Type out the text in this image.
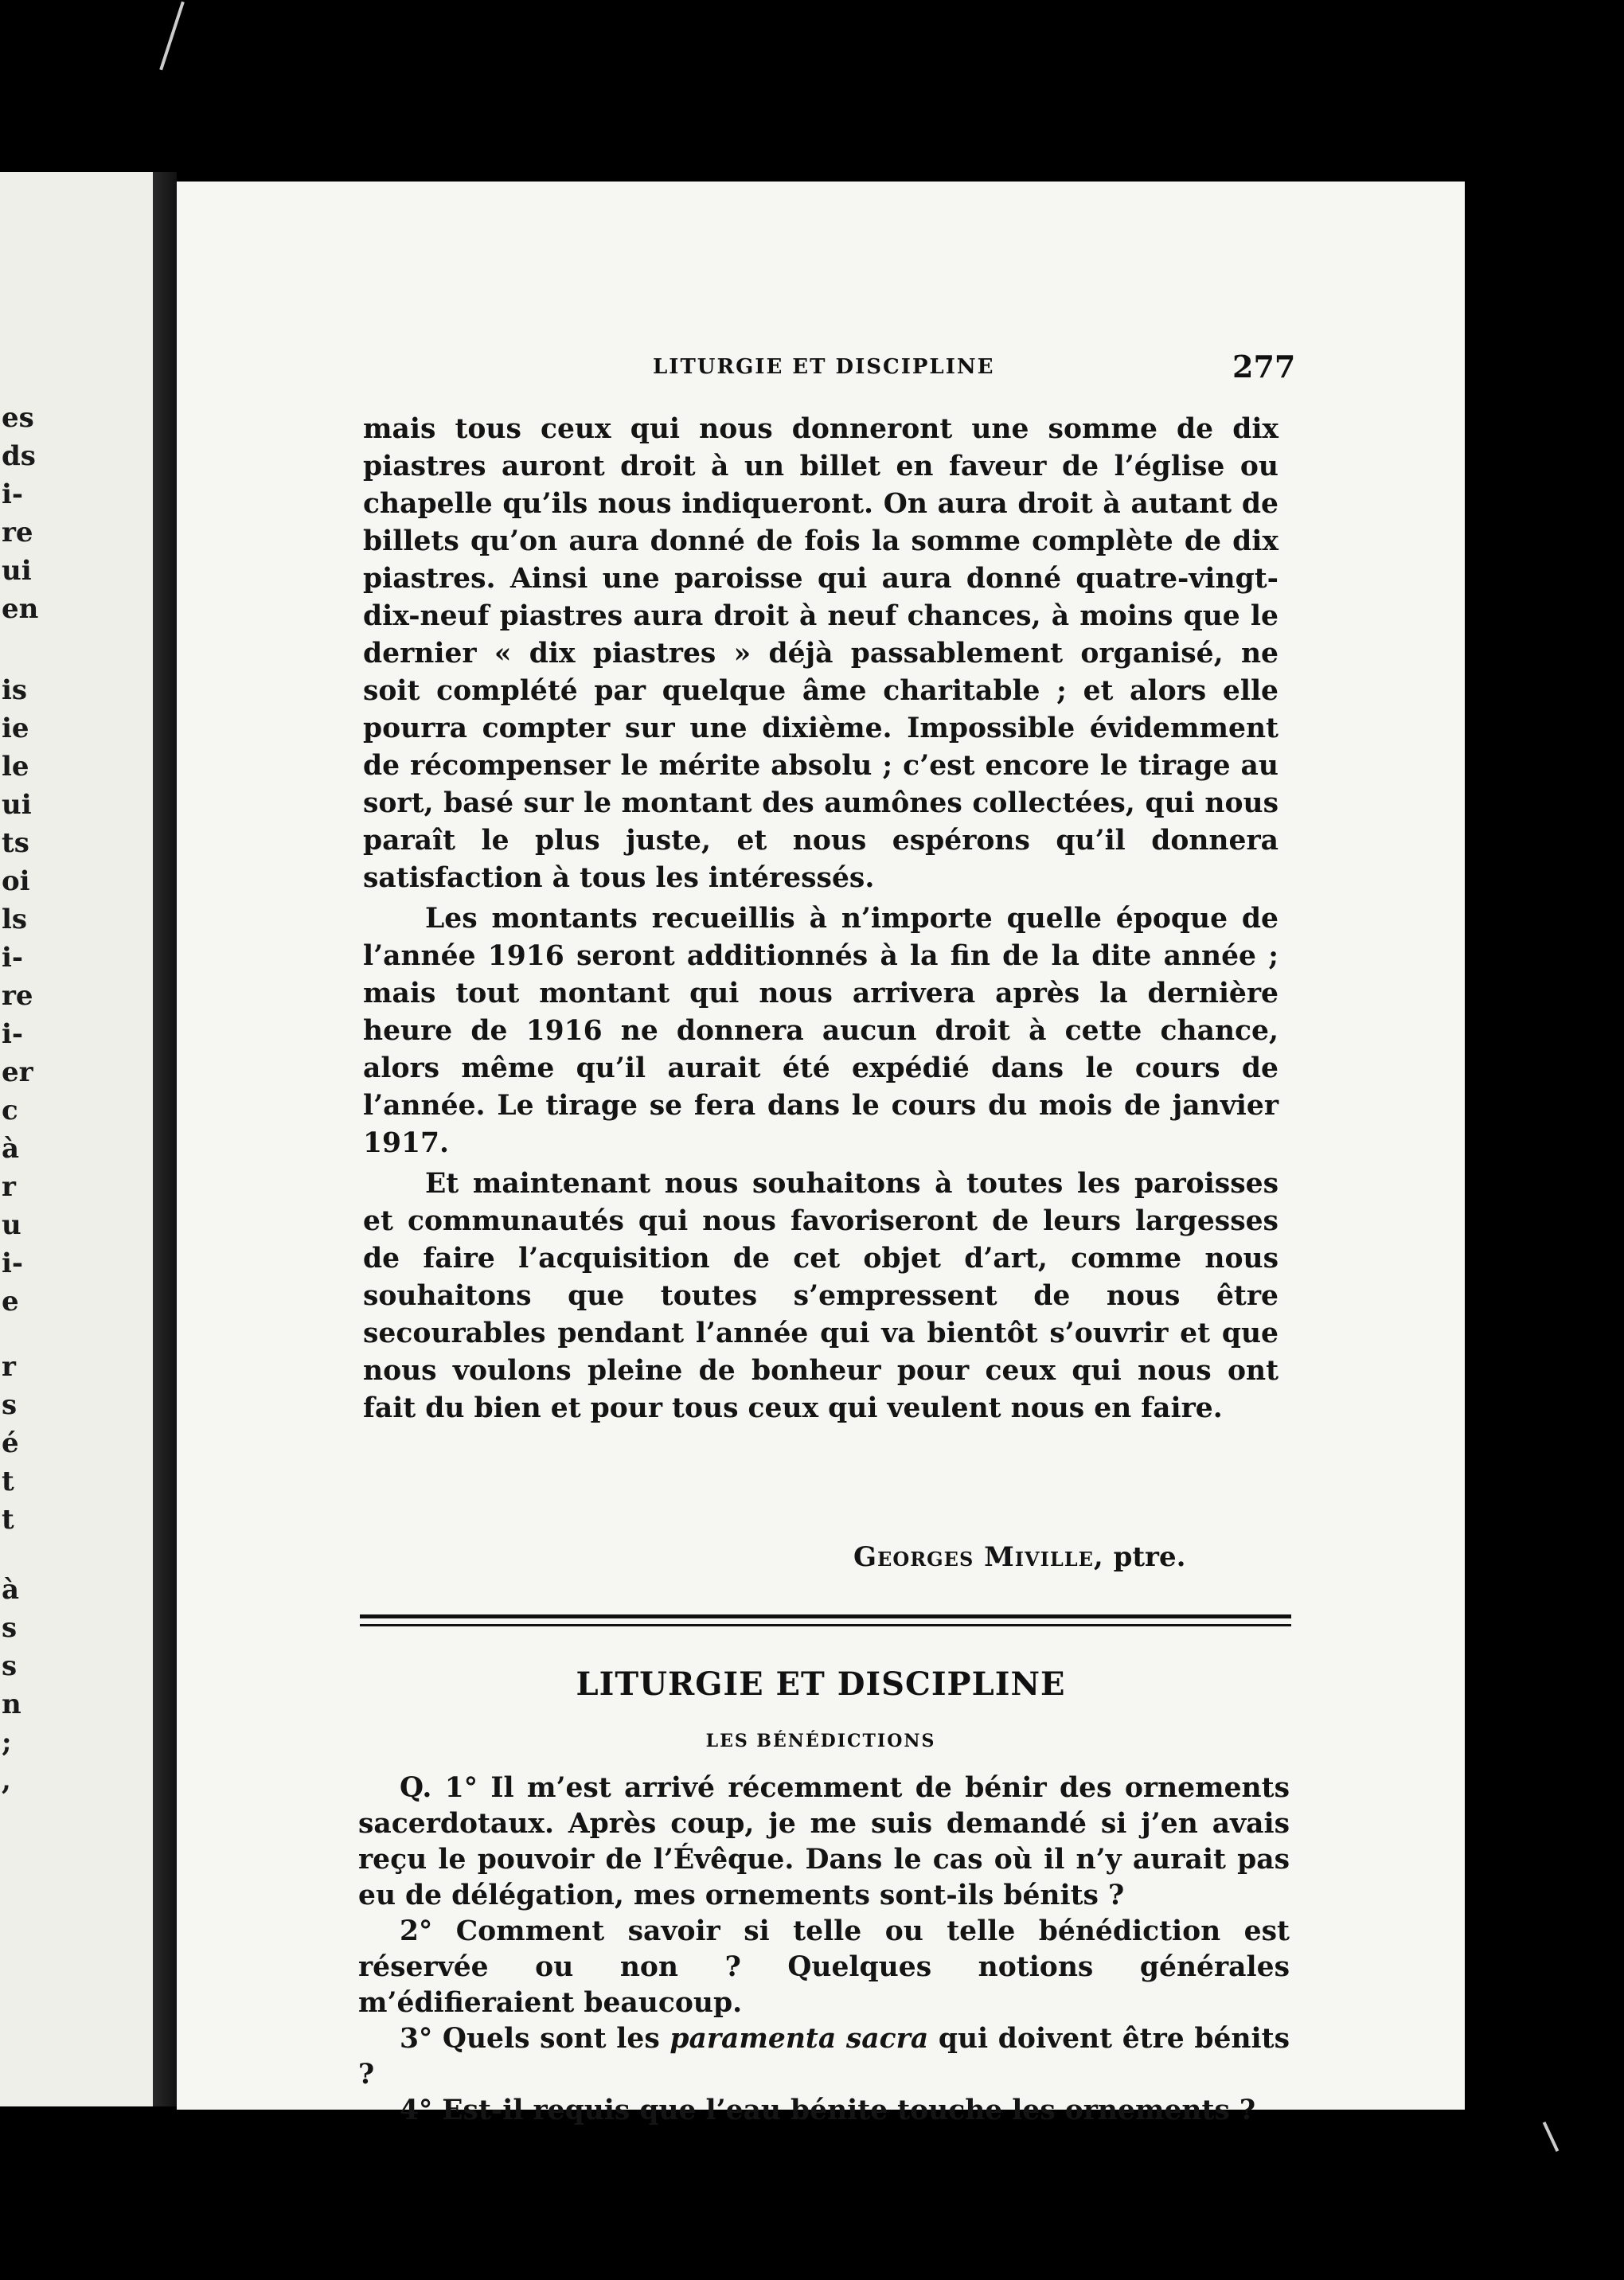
es
ds
i-
re
ui
en
is
ie
le
ui
ts
oi
ls
i-
re
i-
er
c
à
r
u
i-
e
r
s
é
t
t
à
s
s
n
;
,
LITURGIE ET DISCIPLINE	277

mais tous ceux qui nous donneront une somme de dix piastres auront droit à un billet en faveur de l’église ou chapelle qu’ils nous indiqueront. On aura droit à autant de billets qu’on aura donné de fois la somme complète de dix piastres. Ainsi une paroisse qui aura donné quatre-vingt-dix-neuf piastres aura droit à neuf chances, à moins que le dernier « dix piastres » déjà passablement organisé, ne soit complété par quelque âme charitable ; et alors elle pourra compter sur une dixième. Impossible évidemment de récompenser le mérite absolu ; c’est encore le tirage au sort, basé sur le montant des aumônes collectées, qui nous paraît le plus juste, et nous espérons qu’il donnera satisfaction à tous les intéressés.

Les montants recueillis à n’importe quelle époque de l’année 1916 seront additionnés à la fin de la dite année ; mais tout montant qui nous arrivera après la dernière heure de 1916 ne donnera aucun droit à cette chance, alors même qu’il aurait été expédié dans le cours de l’année. Le tirage se fera dans le cours du mois de janvier 1917.

Et maintenant nous souhaitons à toutes les paroisses et communautés qui nous favoriseront de leurs largesses de faire l’acquisition de cet objet d’art, comme nous souhaitons que toutes s’empressent de nous être secourables pendant l’année qui va bientôt s’ouvrir et que nous voulons pleine de bonheur pour ceux qui nous ont fait du bien et pour tous ceux qui veulent nous en faire.

Georges Miville, ptre.
LITURGIE ET DISCIPLINE
LES BÉNÉDICTIONS

Q. 1° Il m’est arrivé récemment de bénir des ornements sacerdotaux. Après coup, je me suis demandé si j’en avais reçu le pouvoir de l’Évêque. Dans le cas où il n’y aurait pas eu de délégation, mes ornements sont-ils bénits ?

2° Comment savoir si telle ou telle bénédiction est réservée ou non ? Quelques notions générales m’édifieraient beaucoup.

3° Quels sont les paramenta sacra qui doivent être bénits ?

4° Est-il requis que l’eau bénite touche les ornements ?
